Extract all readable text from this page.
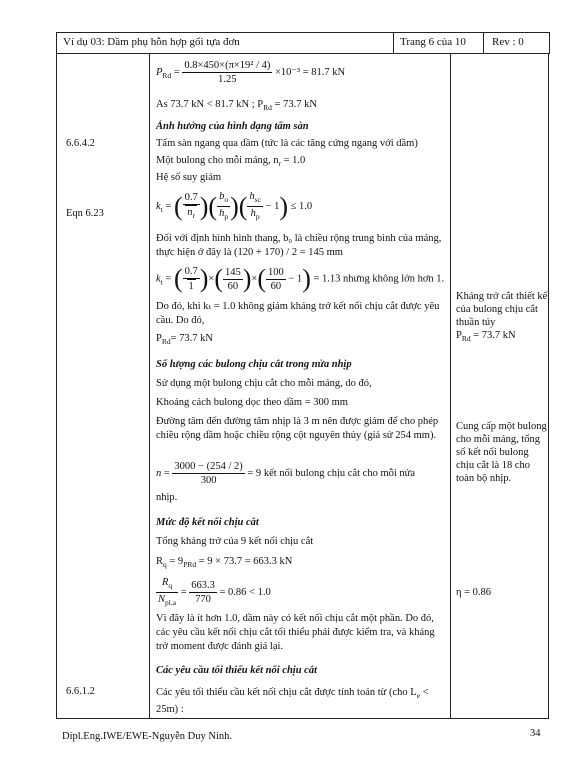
Ví dụ 03: Dầm phụ hỗn hợp gối tựa đơn	Trang 6 của 10 Rev : 0
6.6.4.2
Eqn 6.23
6.6.1.2
$P_{Rd} = \frac{\text{0.8×450×(π×19² / 4)}}{1.25} \times 10^{-3} = 81.7$ kN
As 73.7 kN < 81.7 kN ; $P_{Rd} = 73.7$ kN
Ảnh hưởng của hình dạng tấm sàn
Tấm sàn ngang qua dầm (tức là các tăng cứng ngang với dầm)
Một bulong cho mỗi máng, $n_r = 1.0$
Hệ số suy giảm
$k_t$ = ( $\frac{0.7}{n_r}$ )( $\frac{b_o}{h_p}$ )( $h_{sc}$
$h_p$
− 1) ≤ 1.0
Đối với định hình hình thang, b₀ là chiều rộng trung bình của máng, thực hiện ở đây là (120 + 170) / 2 = 145 mm
$k_t$ = ( $\frac{0.7}{1}$ )×( $\frac{145}{60}$ )×( $\frac{100}{60} - 1) = 1.13$ nhưng không lớn hơn 1.
Do đó, khi kₜ = 1.0 không giảm kháng trở kết nối chịu cắt được yêu cầu. Do đó,
$P_{Rd}= 73.7$ kN
Số lượng các bulong chịu cắt trong nửa nhịp
Sử dụng một bulong chịu cắt cho mỗi máng, do đó,
Khoảng cách bulong dọc theo dầm = 300 mm
Đường tâm đến đường tâm nhịp là 3 m nên được giảm để cho phép chiều rộng dầm hoặc chiều rộng cột nguyên thủy (giả sử 254 mm).
$n = \frac{3000 - (254 / 2)}{300} = 9$ kết nối bulong chịu cắt cho mỗi nửa
nhịp.
Mức độ kết nối chịu cắt
Tổng kháng trở của 9 kết nối chịu cắt
$R_q = 9_{PRd} = 9 \times 73.7 = 663.3$ kN
$R_q$
$N_{pl,a}$
= $\frac{663.3}{770} = 0.86 < 1.0$
Vì đây là ít hơn 1.0, dầm này có kết nối chịu cắt một phần. Do đó, các yêu cầu kết nối chịu cắt tối thiểu phải được kiểm tra, và kháng trở moment được đánh giá lại.
Các yêu cầu tối thiểu kết nối chịu cắt
Các yêu tối thiểu cầu kết nối chịu cắt được tính toán từ (cho $L_e < 25m$) :
Kháng trở cắt thiết kế của bulong chịu cắt thuần túy
$P_{Rd} = 73.7$ kN
Cung cấp một bulong cho mỗi máng, tổng số kết nối bulong chịu cắt là 18 cho toàn bộ nhịp.
η = 0.86
Dipl.Eng.IWE/EWE-Nguyễn Duy Ninh.	34
